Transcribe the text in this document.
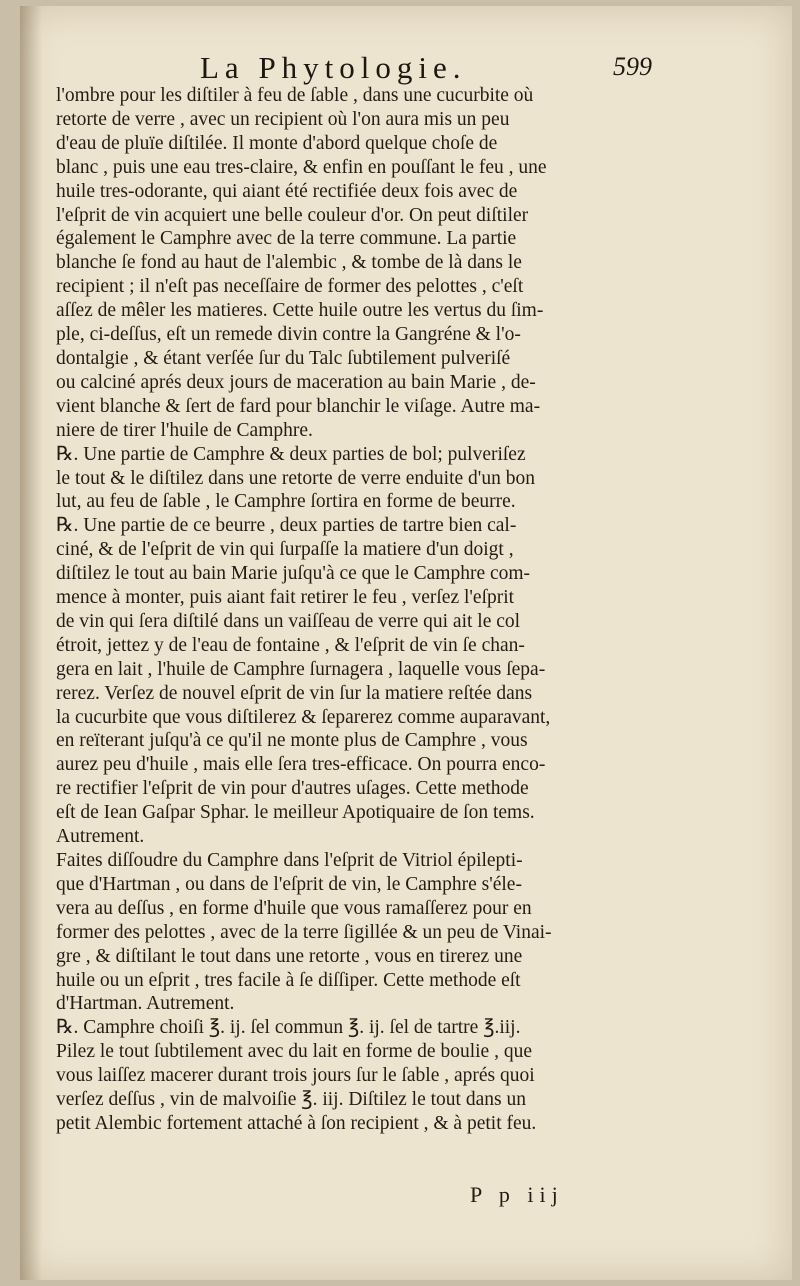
La Phytologie.	599
l'ombre pour les diſtiler à feu de ſable , dans une cucurbite où
retorte de verre , avec un recipient où l'on aura mis un peu
d'eau de pluïe diſtilée. Il monte d'abord quelque choſe de
blanc , puis une eau tres-claire, & enfin en pouſſant le feu , une
huile tres-odorante, qui aiant été rectifiée deux fois avec de
l'eſprit de vin acquiert une belle couleur d'or. On peut diſtiler
également le Camphre avec de la terre commune. La partie
blanche ſe fond au haut de l'alembic , & tombe de là dans le
recipient ; il n'eſt pas neceſſaire de former des pelottes , c'eſt
aſſez de mêler les matieres. Cette huile outre les vertus du ſim-
ple, ci-deſſus, eſt un remede divin contre la Gangréne & l'o-
dontalgie , & étant verſée ſur du Talc ſubtilement pulveriſé
ou calciné aprés deux jours de maceration au bain Marie , de-
vient blanche & ſert de fard pour blanchir le viſage. Autre ma-
niere de tirer l'huile de Camphre.
℞. Une partie de Camphre & deux parties de bol; pulveriſez
le tout & le diſtilez dans une retorte de verre enduite d'un bon
lut, au feu de ſable , le Camphre ſortira en forme de beurre.
℞. Une partie de ce beurre , deux parties de tartre bien cal-
ciné, & de l'eſprit de vin qui ſurpaſſe la matiere d'un doigt ,
diſtilez le tout au bain Marie juſqu'à ce que le Camphre com-
mence à monter, puis aiant fait retirer le feu , verſez l'eſprit
de vin qui ſera diſtilé dans un vaiſſeau de verre qui ait le col
étroit, jettez y de l'eau de fontaine , & l'eſprit de vin ſe chan-
gera en lait , l'huile de Camphre ſurnagera , laquelle vous ſepa-
rerez. Verſez de nouvel eſprit de vin ſur la matiere reſtée dans
la cucurbite que vous diſtilerez & ſeparerez comme auparavant,
en reïterant juſqu'à ce qu'il ne monte plus de Camphre , vous
aurez peu d'huile , mais elle ſera tres-efficace. On pourra enco-
re rectifier l'eſprit de vin pour d'autres uſages. Cette methode
eſt de Iean Gaſpar Sphar. le meilleur Apotiquaire de ſon tems.
Autrement.
Faites diſſoudre du Camphre dans l'eſprit de Vitriol épilepti-
que d'Hartman , ou dans de l'eſprit de vin, le Camphre s'éle-
vera au deſſus , en forme d'huile que vous ramaſſerez pour en
former des pelottes , avec de la terre ſigillée & un peu de Vinai-
gre , & diſtilant le tout dans une retorte , vous en tirerez une
huile ou un eſprit , tres facile à ſe diſſiper. Cette methode eſt
d'Hartman. Autrement.
℞. Camphre choiſi ℥. ij. ſel commun ℥. ij. ſel de tartre ℥.iij.
Pilez le tout ſubtilement avec du lait en forme de boulie , que
vous laiſſez macerer durant trois jours ſur le ſable , aprés quoi
verſez deſſus , vin de malvoiſie ℥. iij. Diſtilez le tout dans un
petit Alembic fortement attaché à ſon recipient , & à petit feu.
P p iij
